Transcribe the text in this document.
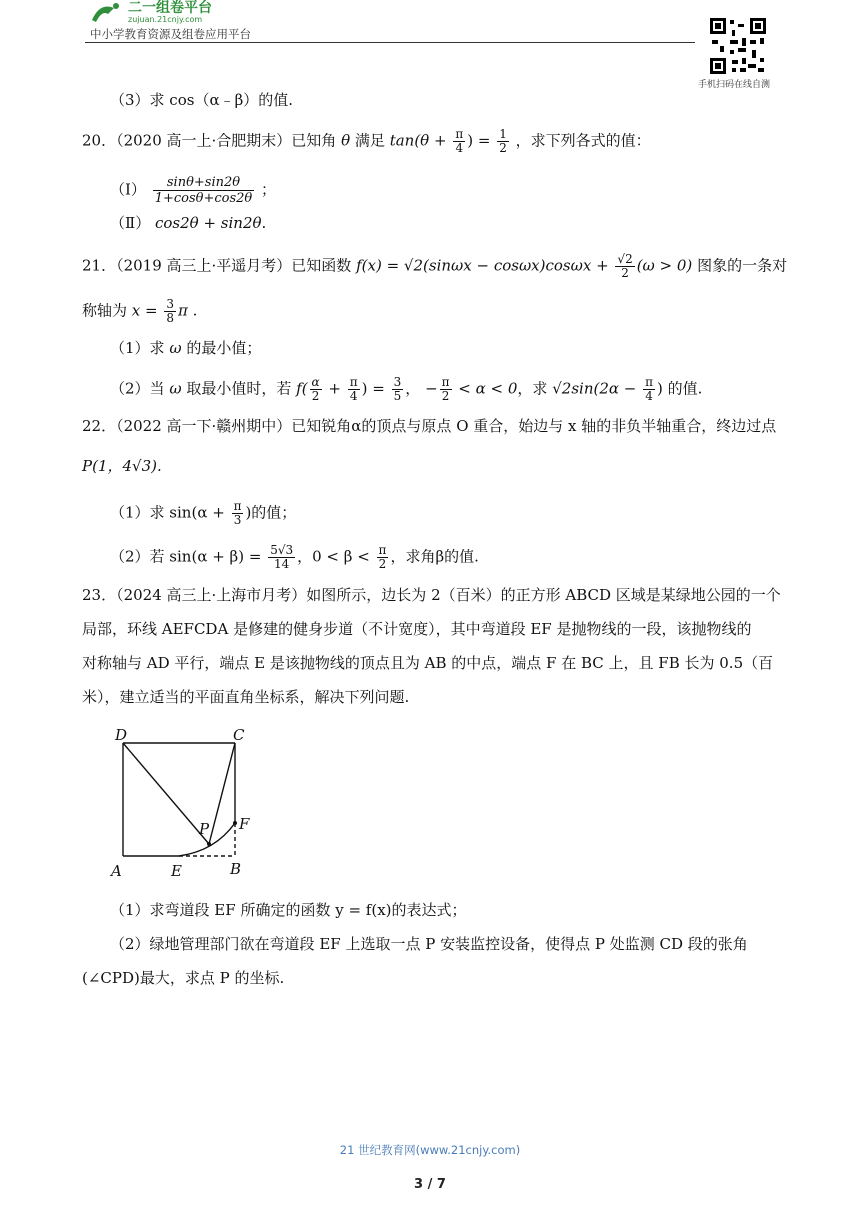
二一组卷平台
zujuan.21cnjy.com
中小学教育资源及组卷应用平台
手机扫码在线自测
（3）求 cos（α﹣β）的值.
20．（2020 高一上·合肥期末）已知角 θ 满足 $\tan(\theta + \frac{\pi}{4}$ ) = $\frac{1}{2}$ ，求下列各式的值：
（Ⅰ） $\frac{\sin\theta+\sin 2\theta}{1+\cos\theta+\cos 2\theta}$ ；
（Ⅱ） cos2θ + sin2θ.
21．（2019 高三上·平遥月考）已知函数 $f(x) = √2(\sin\omega x - \cos\omega x)\cos\omega x + \frac{√2}{2} (\omega > 0)$ 图象的一条对
称轴为 $x = \frac{3}{8}$ π .
（1）求 ω 的最小值；
（2）当 ω 取最小值时，若 $f( \frac{\alpha}{2} + \frac{\pi}{4}$ ) = $\frac{3}{5}$ ， − $\frac{\pi}{2} < \alpha < 0$，求 $√2\sin(2\alpha - \frac{\pi}{4}$ ) 的值.
22．（2022 高一下·赣州期中）已知锐角α的顶点与原点 O 重合，始边与 x 轴的非负半轴重合，终边过点
P(1，4√3).
（1）求 $\sin(\alpha + \frac{\pi}{3}$ )的值；
（2）若 $\sin(\alpha + \beta) = \frac{5√3}{14}$ ，$0 < \beta < \frac{\pi}{2}$ ，求角β的值.
23．（2024 高三上·上海市月考）如图所示，边长为 2（百米）的正方形 ABCD 区域是某绿地公园的一个
局部，环线 AEFCDA 是修建的健身步道（不计宽度），其中弯道段 EF 是抛物线的一段，该抛物线的
对称轴与 AD 平行，端点 E 是该抛物线的顶点且为 AB 的中点，端点 F 在 BC 上，且 FB 长为 0.5（百
米），建立适当的平面直角坐标系，解决下列问题.
D	C
P F
A	E	B
（1）求弯道段 EF 所确定的函数 y = f(x)的表达式；
（2）绿地管理部门欲在弯道段 EF 上选取一点 P 安装监控设备，使得点 P 处监测 CD 段的张角
(∠CPD)最大，求点 P 的坐标.
21 世纪教育网(www.21cnjy.com)
3 / 7
